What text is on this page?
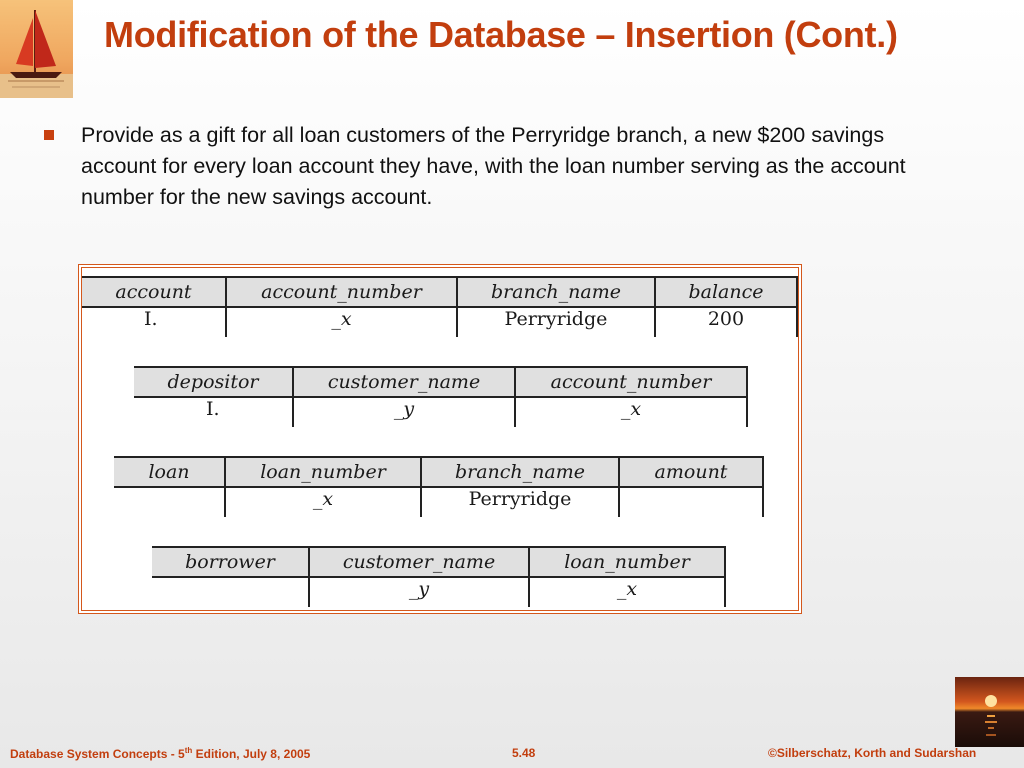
Modification of the Database – Insertion (Cont.)
Provide as a gift for all loan customers of the Perryridge branch, a new $200 savings account for every loan account they have, with the loan number serving as the account number for the new savings account.
account	account_number	branch_name	balance
I.	_x	Perryridge	200
depositor	customer_name	account_number
I.	_y	_x
loan	loan_number	branch_name	amount
	_x	Perryridge	
borrower	customer_name	loan_number
	_y	_x
Database System Concepts - 5th Edition, July 8, 2005	5.48	©Silberschatz, Korth and Sudarshan
